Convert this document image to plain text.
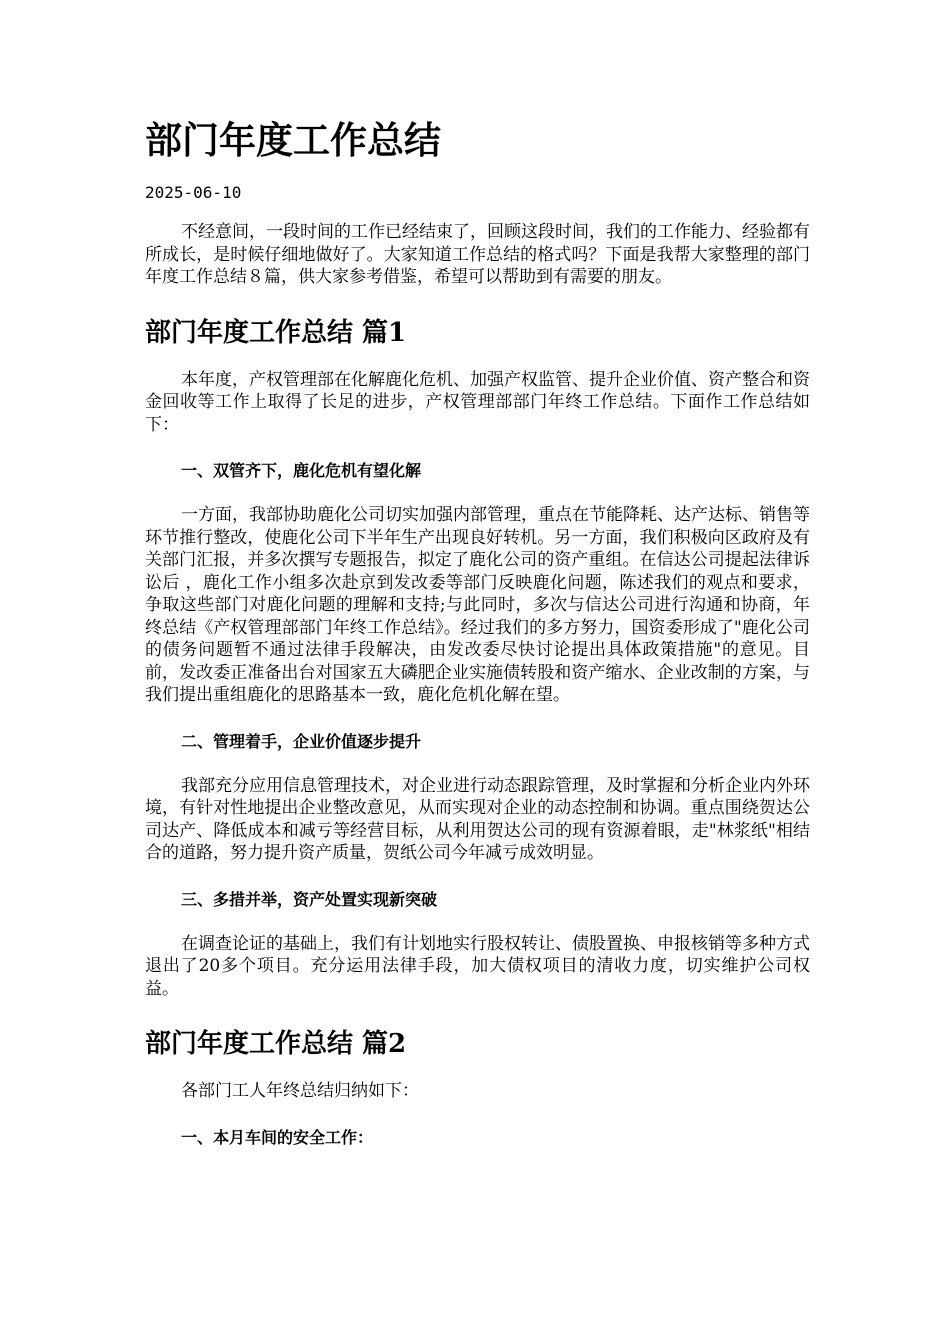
部门年度工作总结
2025-06-10

不经意间，一段时间的工作已经结束了，回顾这段时间，我们的工作能力、经验都有所成长，是时候仔细地做好了。大家知道工作总结的格式吗？下面是我帮大家整理的部门年度工作总结８篇，供大家参考借鉴，希望可以帮助到有需要的朋友。

部门年度工作总结 篇1

本年度，产权管理部在化解鹿化危机、加强产权监管、提升企业价值、资产整合和资金回收等工作上取得了长足的进步，产权管理部部门年终工作总结。下面作工作总结如下：

一、双管齐下，鹿化危机有望化解

一方面，我部协助鹿化公司切实加强内部管理，重点在节能降耗、达产达标、销售等环节推行整改，使鹿化公司下半年生产出现良好转机。另一方面，我们积极向区政府及有关部门汇报，并多次撰写专题报告，拟定了鹿化公司的资产重组。在信达公司提起法律诉讼后 ，鹿化工作小组多次赴京到发改委等部门反映鹿化问题，陈述我们的观点和要求，争取这些部门对鹿化问题的理解和支持;与此同时，多次与信达公司进行沟通和协商，年终总结《产权管理部部门年终工作总结》。经过我们的多方努力，国资委形成了"鹿化公司的债务问题暂不通过法律手段解决，由发改委尽快讨论提出具体政策措施"的意见。目前，发改委正准备出台对国家五大磷肥企业实施债转股和资产缩水、企业改制的方案，与我们提出重组鹿化的思路基本一致，鹿化危机化解在望。

二、管理着手，企业价值逐步提升

我部充分应用信息管理技术，对企业进行动态跟踪管理，及时掌握和分析企业内外环境，有针对性地提出企业整改意见，从而实现对企业的动态控制和协调。重点围绕贺达公司达产、降低成本和减亏等经营目标，从利用贺达公司的现有资源着眼，走"林浆纸"相结合的道路，努力提升资产质量，贺纸公司今年减亏成效明显。

三、多措并举，资产处置实现新突破

在调查论证的基础上，我们有计划地实行股权转让、债股置换、申报核销等多种方式退出了20多个项目。充分运用法律手段，加大债权项目的清收力度，切实维护公司权益。

部门年度工作总结 篇2

各部门工人年终总结归纳如下：

一、本月车间的安全工作：
